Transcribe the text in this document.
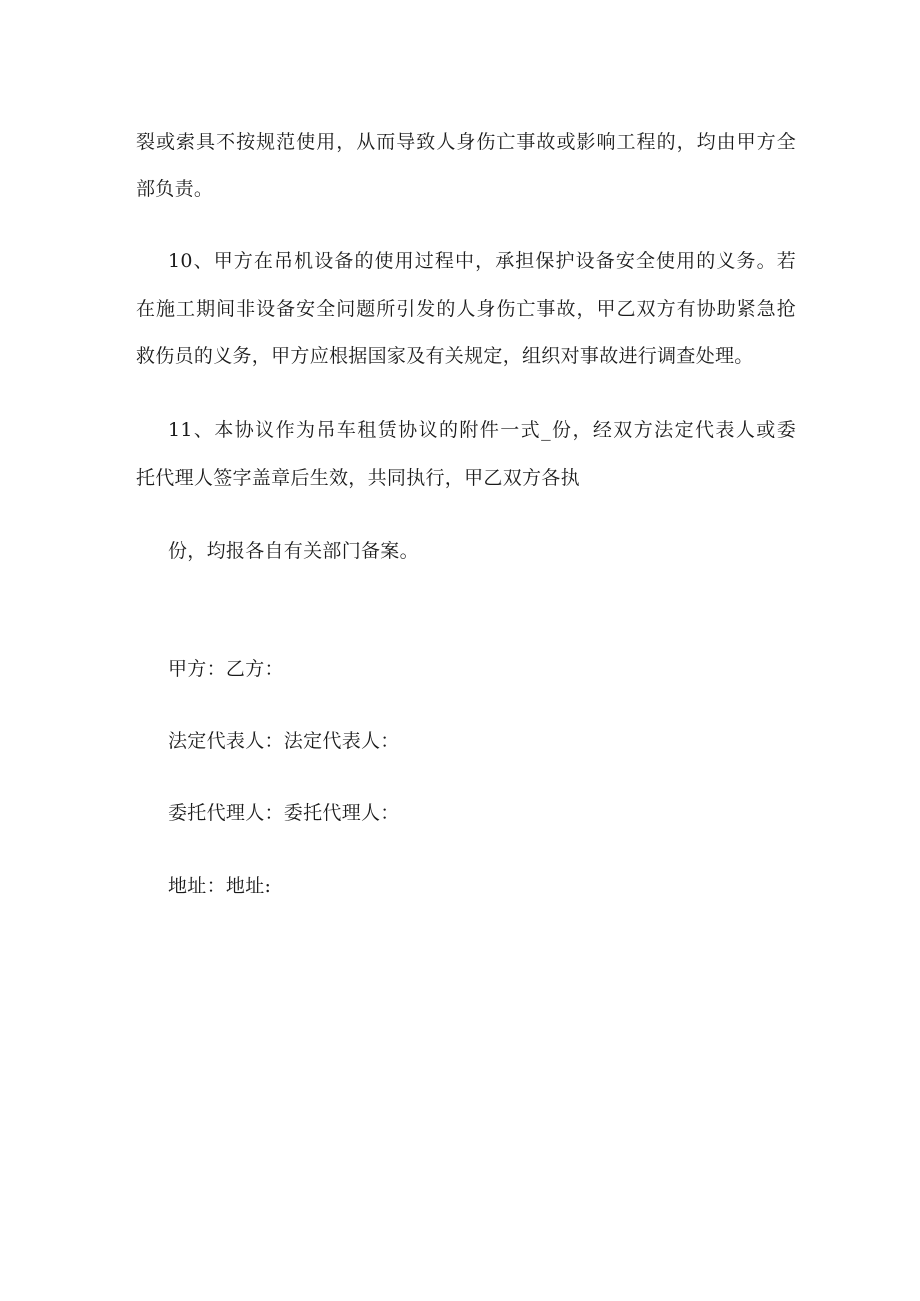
裂或索具不按规范使用，从而导致人身伤亡事故或影响工程的，均由甲方全
部负责。
10、甲方在吊机设备的使用过程中，承担保护设备安全使用的义务。若
在施工期间非设备安全问题所引发的人身伤亡事故，甲乙双方有协助紧急抢
救伤员的义务，甲方应根据国家及有关规定，组织对事故进行调查处理。
11、本协议作为吊车租赁协议的附件一式_份，经双方法定代表人或委
托代理人签字盖章后生效，共同执行，甲乙双方各执
份，均报各自有关部门备案。
甲方：乙方：
法定代表人：法定代表人：
委托代理人：委托代理人：
地址：地址:
